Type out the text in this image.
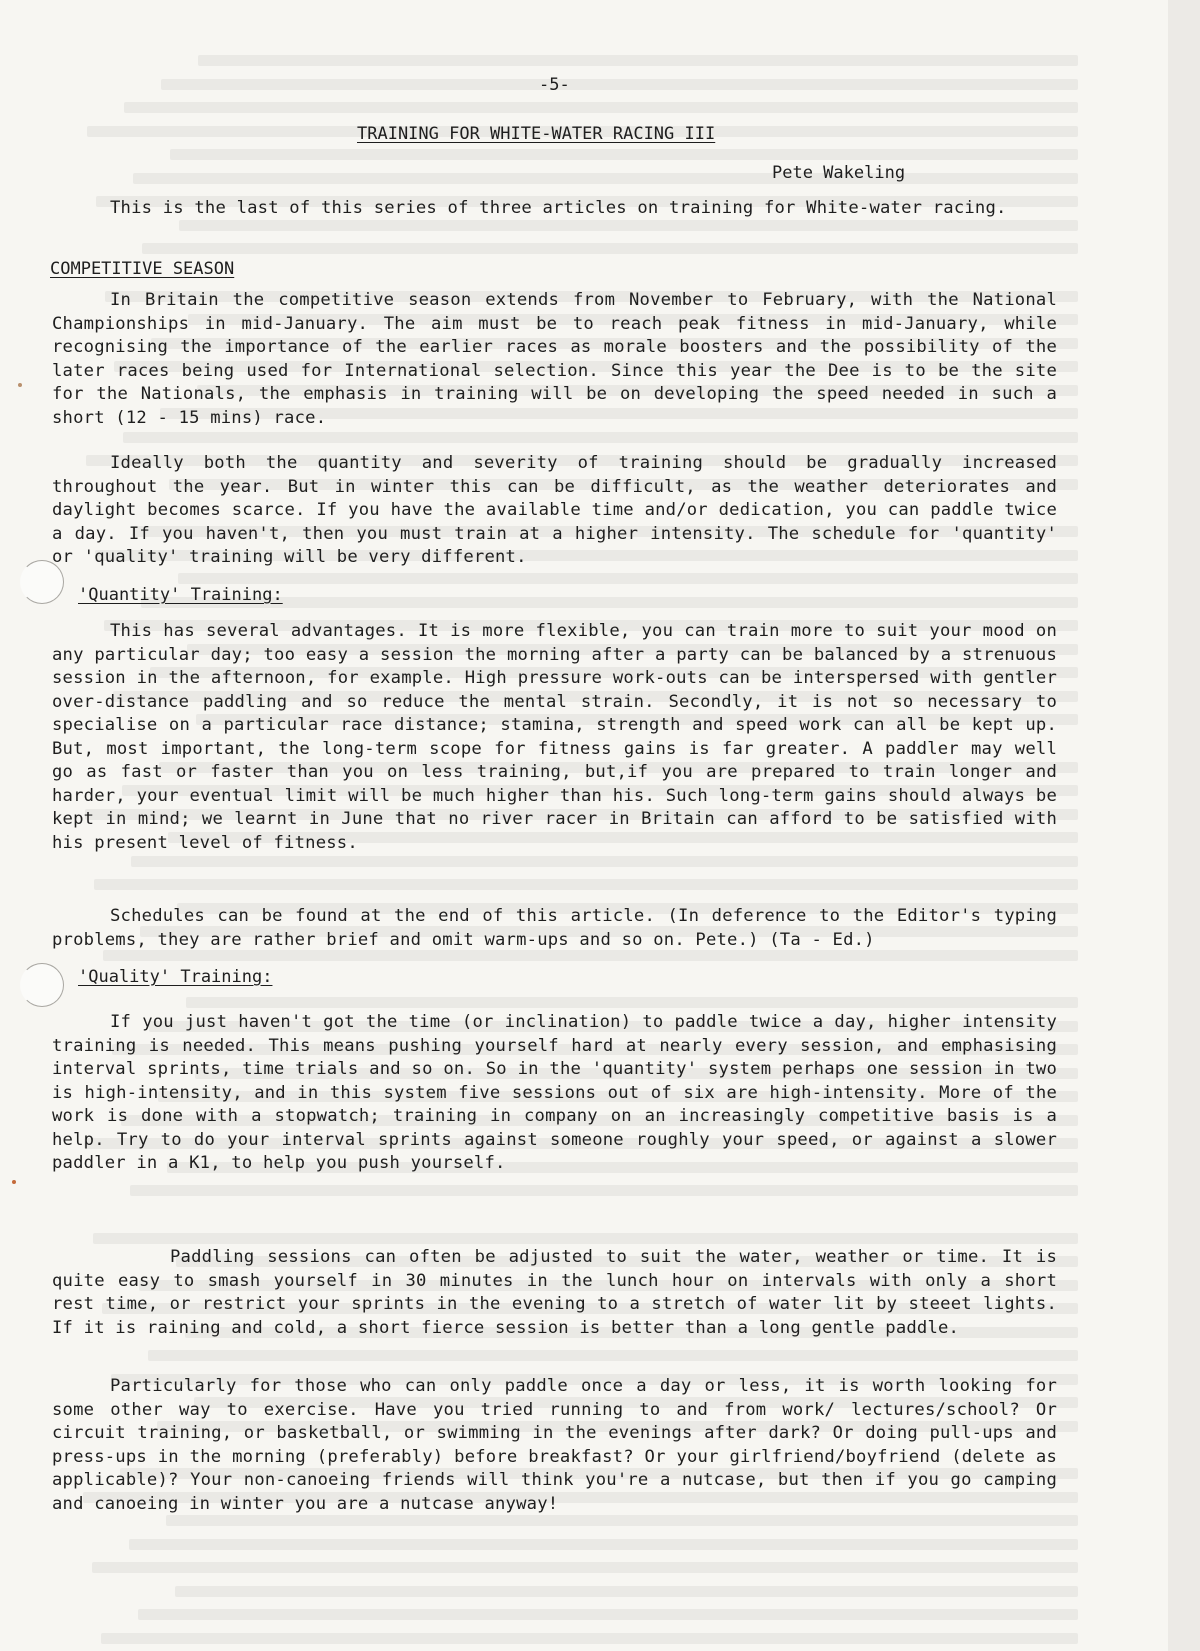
-5-
TRAINING FOR WHITE-WATER RACING III
Pete Wakeling

This is the last of this series of three articles on training for White-water racing.

COMPETITIVE SEASON

In Britain the competitive season extends from November to February, with the National Championships in mid-January. The aim must be to reach peak fitness in mid-January, while recognising the importance of the earlier races as morale boosters and the possibility of the later races being used for International selection. Since this year the Dee is to be the site for the Nationals, the emphasis in training will be on developing the speed needed in such a short (12 - 15 mins) race.

Ideally both the quantity and severity of training should be gradually increased throughout the year. But in winter this can be difficult, as the weather deteriorates and daylight becomes scarce. If you have the available time and/or dedication, you can paddle twice a day. If you haven't, then you must train at a higher intensity. The schedule for 'quantity' or 'quality' training will be very different.

'Quantity' Training:

This has several advantages. It is more flexible, you can train more to suit your mood on any particular day; too easy a session the morning after a party can be balanced by a strenuous session in the afternoon, for example. High pressure work-outs can be interspersed with gentler over-distance paddling and so reduce the mental strain. Secondly, it is not so necessary to specialise on a particular race distance; stamina, strength and speed work can all be kept up. But, most important, the long-term scope for fitness gains is far greater. A paddler may well go as fast or faster than you on less training, but,if you are prepared to train longer and harder, your eventual limit will be much higher than his. Such long-term gains should always be kept in mind; we learnt in June that no river racer in Britain can afford to be satisfied with his present level of fitness.

Schedules can be found at the end of this article. (In deference to the Editor's typing problems, they are rather brief and omit warm-ups and so on. Pete.) (Ta - Ed.)

'Quality' Training:

If you just haven't got the time (or inclination) to paddle twice a day, higher intensity training is needed. This means pushing yourself hard at nearly every session, and emphasising interval sprints, time trials and so on. So in the 'quantity' system perhaps one session in two is high-intensity, and in this system five sessions out of six are high-intensity. More of the work is done with a stopwatch; training in company on an increasingly competitive basis is a help. Try to do your interval sprints against someone roughly your speed, or against a slower paddler in a K1, to help you push yourself.

Paddling sessions can often be adjusted to suit the water, weather or time. It is quite easy to smash yourself in 30 minutes in the lunch hour on intervals with only a short rest time, or restrict your sprints in the evening to a stretch of water lit by steeet lights. If it is raining and cold, a short fierce session is better than a long gentle paddle.

Particularly for those who can only paddle once a day or less, it is worth looking for some other way to exercise. Have you tried running to and from work/ lectures/school? Or circuit training, or basketball, or swimming in the evenings after dark? Or doing pull-ups and press-ups in the morning (preferably) before breakfast? Or your girlfriend/boyfriend (delete as applicable)? Your non-canoeing friends will think you're a nutcase, but then if you go camping and canoeing in winter you are a nutcase anyway!
